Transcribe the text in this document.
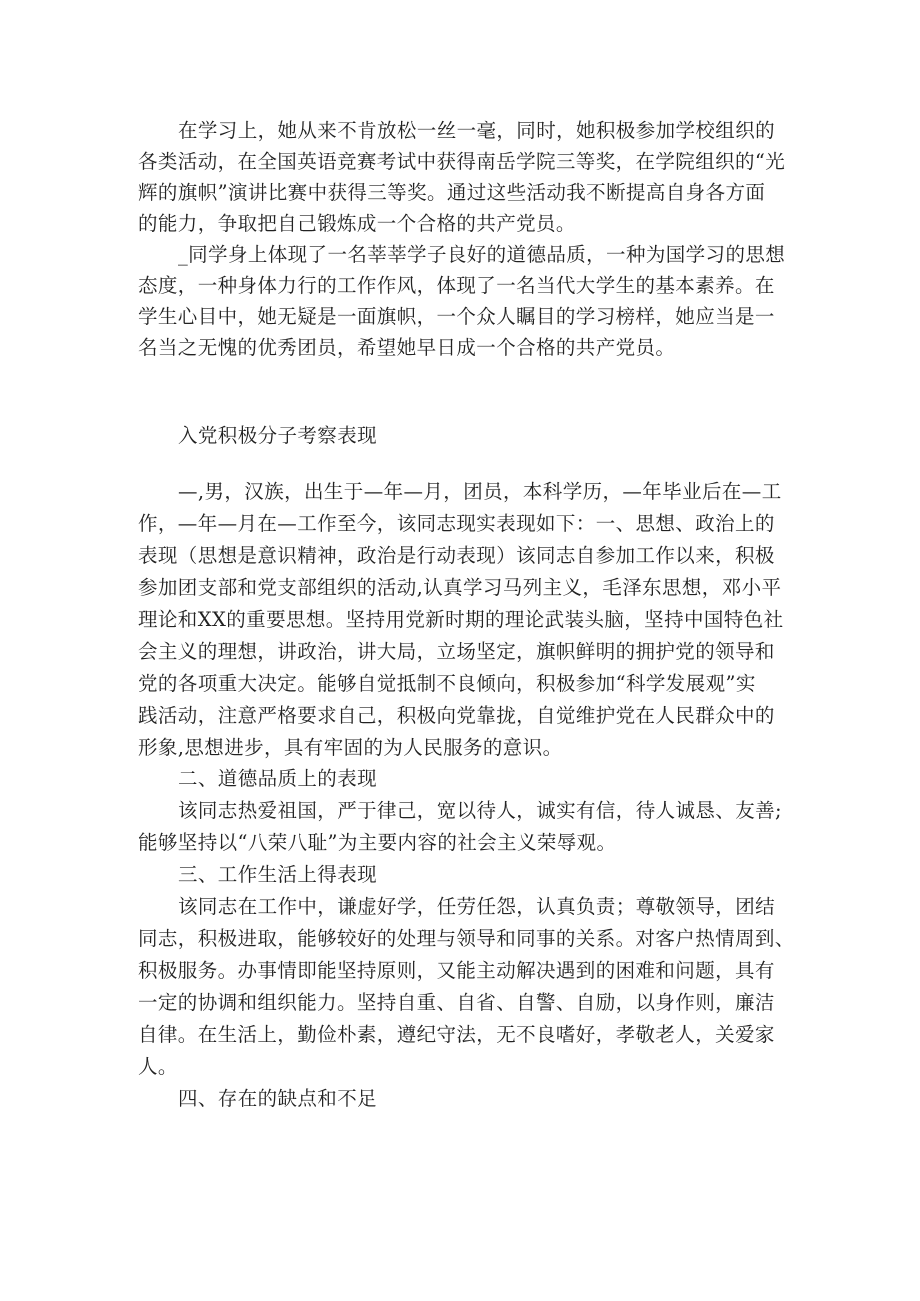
在学习上，她从来不肯放松一丝一毫，同时，她积极参加学校组织的
各类活动，在全国英语竞赛考试中获得南岳学院三等奖，在学院组织的“光
辉的旗帜”演讲比赛中获得三等奖。通过这些活动我不断提高自身各方面
的能力，争取把自己锻炼成一个合格的共产党员。
_同学身上体现了一名莘莘学子良好的道德品质，一种为国学习的思想
态度，一种身体力行的工作作风，体现了一名当代大学生的基本素养。在
学生心目中，她无疑是一面旗帜，一个众人瞩目的学习榜样，她应当是一
名当之无愧的优秀团员，希望她早日成一个合格的共产党员。
入党积极分子考察表现
—,男，汉族，出生于—年—月，团员，本科学历，—年毕业后在—工
作，—年—月在—工作至今，该同志现实表现如下：一、思想、政治上的
表现（思想是意识精神，政治是行动表现）该同志自参加工作以来，积极
参加团支部和党支部组织的活动,认真学习马列主义，毛泽东思想，邓小平
理论和XX的重要思想。坚持用党新时期的理论武装头脑，坚持中国特色社
会主义的理想，讲政治，讲大局，立场坚定，旗帜鲜明的拥护党的领导和
党的各项重大决定。能够自觉抵制不良倾向，积极参加“科学发展观”实
践活动，注意严格要求自己，积极向党靠拢，自觉维护党在人民群众中的
形象,思想进步，具有牢固的为人民服务的意识。
二、道德品质上的表现
该同志热爱祖国，严于律己，宽以待人，诚实有信，待人诚恳、友善;
能够坚持以“八荣八耻”为主要内容的社会主义荣辱观。
三、工作生活上得表现
该同志在工作中，谦虚好学，任劳任怨，认真负责；尊敬领导，团结
同志，积极进取，能够较好的处理与领导和同事的关系。对客户热情周到、
积极服务。办事情即能坚持原则，又能主动解决遇到的困难和问题，具有
一定的协调和组织能力。坚持自重、自省、自警、自励，以身作则，廉洁
自律。在生活上，勤俭朴素，遵纪守法，无不良嗜好，孝敬老人，关爱家
人。
四、存在的缺点和不足
